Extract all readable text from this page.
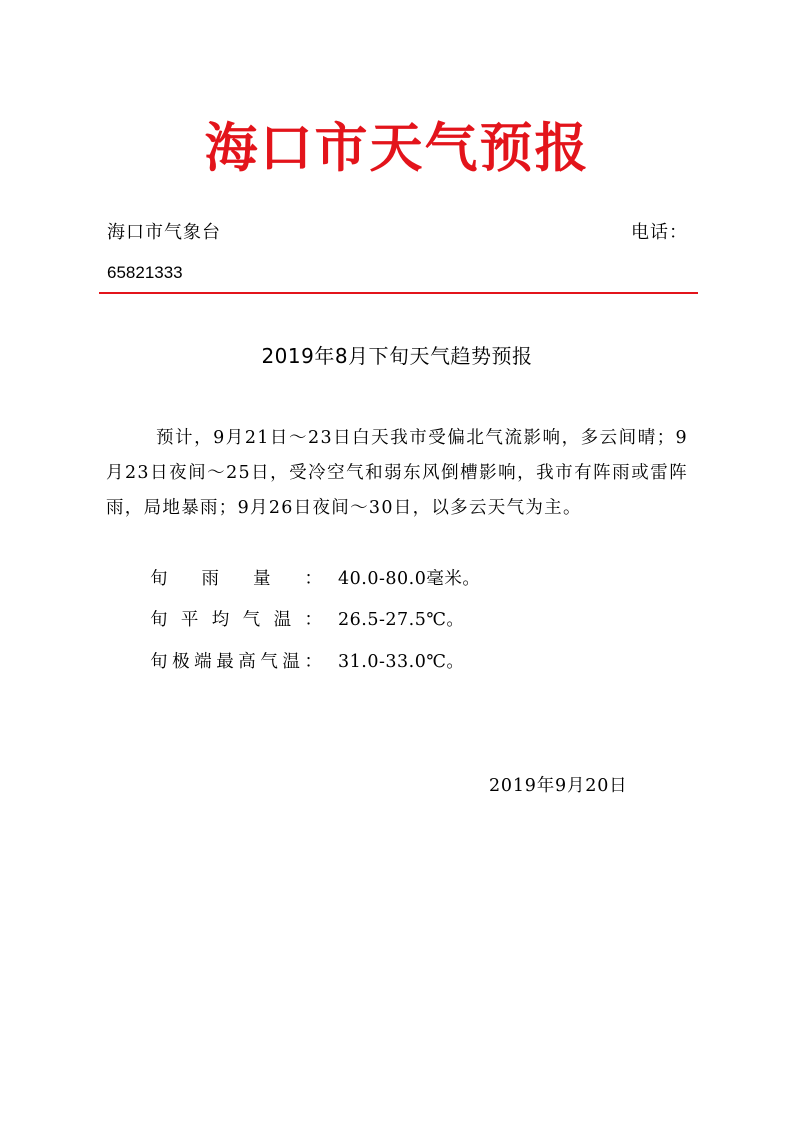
海口市天气预报
海口市气象台	电话：
65821333
2019年8月下旬天气趋势预报
预计，9月21日～23日白天我市受偏北气流影响，多云间晴；9月23日夜间～25日，受冷空气和弱东风倒槽影响，我市有阵雨或雷阵雨，局地暴雨；9月26日夜间～30日，以多云天气为主。
旬 雨 量 ： 40.0-80.0毫米。
旬 平 均 气 温 ： 26.5-27.5℃。
旬 极 端 最 高 气 温 ： 31.0-33.0℃。
2019年9月20日
